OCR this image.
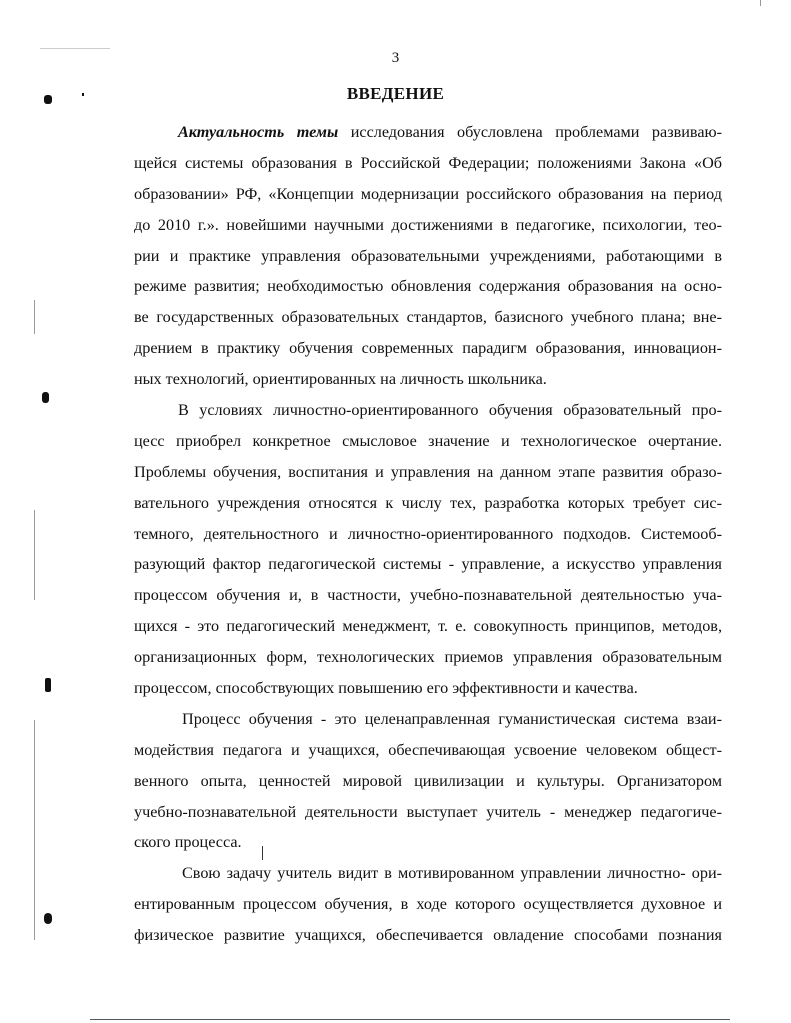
3
ВВЕДЕНИЕ
Актуальность темы исследования обусловлена проблемами развиваю-
щейся системы образования в Российской Федерации; положениями Закона «Об
образовании» РФ, «Концепции модернизации российского образования на период
до 2010 г.». новейшими научными достижениями в педагогике, психологии, тео-
рии и практике управления образовательными учреждениями, работающими в
режиме развития; необходимостью обновления содержания образования на осно-
ве государственных образовательных стандартов, базисного учебного плана; вне-
дрением в практику обучения современных парадигм образования, инновацион-
ных технологий, ориентированных на личность школьника.
В условиях личностно-ориентированного обучения образовательный про-
цесс приобрел конкретное смысловое значение и технологическое очертание.
Проблемы обучения, воспитания и управления на данном этапе развития образо-
вательного учреждения относятся к числу тех, разработка которых требует сис-
темного, деятельностного и личностно-ориентированного подходов. Системооб-
разующий фактор педагогической системы - управление, а искусство управления
процессом обучения и, в частности, учебно-познавательной деятельностью уча-
щихся - это педагогический менеджмент, т. е. совокупность принципов, методов,
организационных форм, технологических приемов управления образовательным
процессом, способствующих повышению его эффективности и качества.
Процесс обучения - это целенаправленная гуманистическая система взаи-
модействия педагога и учащихся, обеспечивающая усвоение человеком общест-
венного опыта, ценностей мировой цивилизации и культуры. Организатором
учебно-познавательной деятельности выступает учитель - менеджер педагогиче-
ского процесса.
Свою задачу учитель видит в мотивированном управлении личностно- ори-
ентированным процессом обучения, в ходе которого осуществляется духовное и
физическое развитие учащихся, обеспечивается овладение способами познания
